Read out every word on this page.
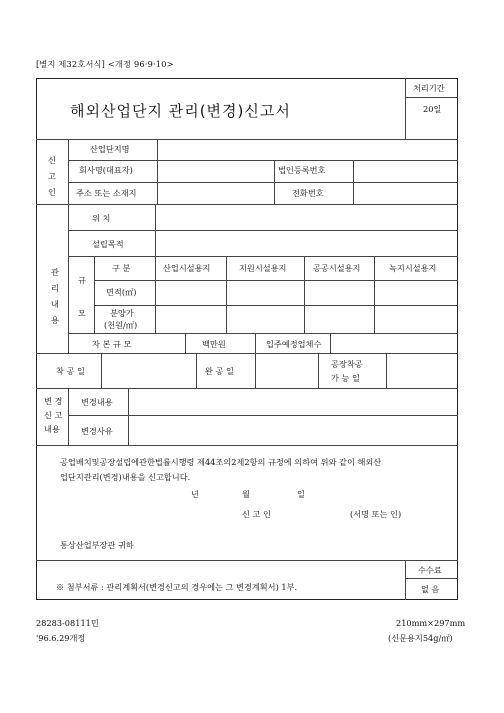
[별지 제32호서식] <개정 96·9·10>
해외산업단지 관리(변경)신고서
처리기간
20일
신
고
인
산업단지명
회사명(대표자)	법인등록번호
주소 또는 소재지	전화번호
관
리
내
용
위 치
설립목적
규
모
구 분	산업시설용지	지원시설용지	공공시설용지	녹지시설용지
면적(㎡)
분양가
(천원/㎡)
자 본 규 모	백만원	입주예정업체수
착 공 일	완 공 일
공장착공
가 능 일
변 경
신 고
내용
변경내용
변경사유
공업배치및공장설립에관한법률시행령 제44조의2제2항의 규정에 의하여 위와 같이 해외산
업단지관리(변경)내용을 신고합니다.
년	월	일
신 고 인	(서명 또는 인)
통상산업부장관 귀하
※ 첨부서류 : 관리계획서(변경신고의 경우에는 그 변경계획서) 1부.
수수료
없 음
28283-08111민
'96.6.29개정
210mm×297mm
(신문용지54g/㎡)
